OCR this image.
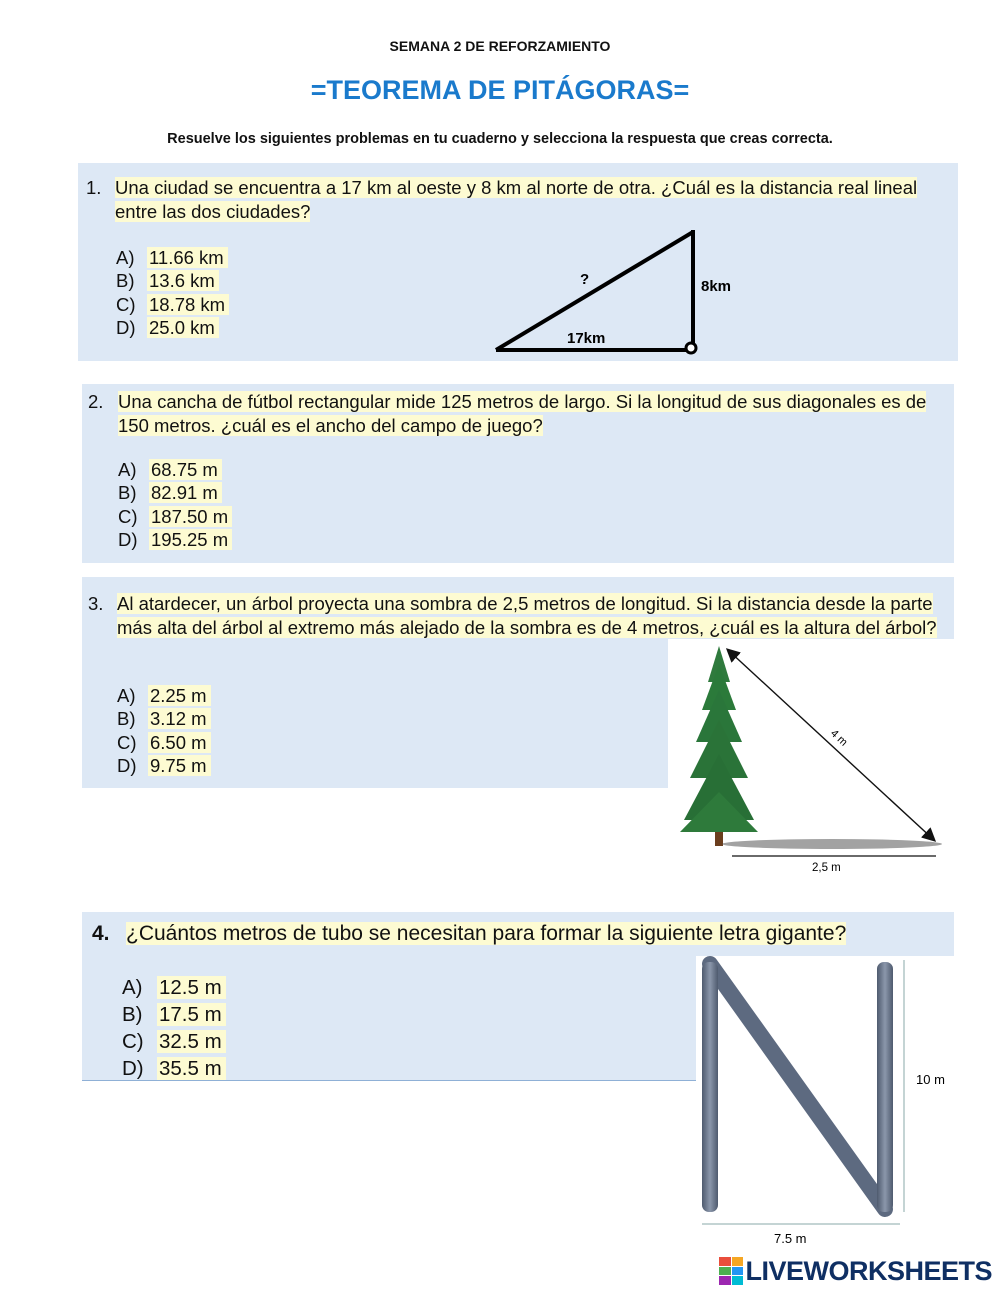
SEMANA 2 DE REFORZAMIENTO
=TEOREMA DE PITÁGORAS=
Resuelve los siguientes problemas en tu cuaderno y selecciona la respuesta que creas correcta.
1. Una ciudad se encuentra a 17 km al oeste y 8 km al norte de otra. ¿Cuál es la distancia real lineal entre las dos ciudades?
A) 11.66 km
B) 13.6 km
C) 18.78 km
D) 25.0 km
?
17km
8km
2. Una cancha de fútbol rectangular mide 125 metros de largo. Si la longitud de sus diagonales es de 150 metros. ¿cuál es el ancho del campo de juego?
A) 68.75 m
B) 82.91 m
C) 187.50 m
D) 195.25 m
3. Al atardecer, un árbol proyecta una sombra de 2,5 metros de longitud. Si la distancia desde la parte más alta del árbol al extremo más alejado de la sombra es de 4 metros, ¿cuál es la altura del árbol?
A) 2.25 m
B) 3.12 m
C) 6.50 m
D) 9.75 m
4 m
2,5 m
4. ¿Cuántos metros de tubo se necesitan para formar la siguiente letra gigante?
A) 12.5 m
B) 17.5 m
C) 32.5 m
D) 35.5 m	10 m
7.5 m
LIVEWORKSHEETS
